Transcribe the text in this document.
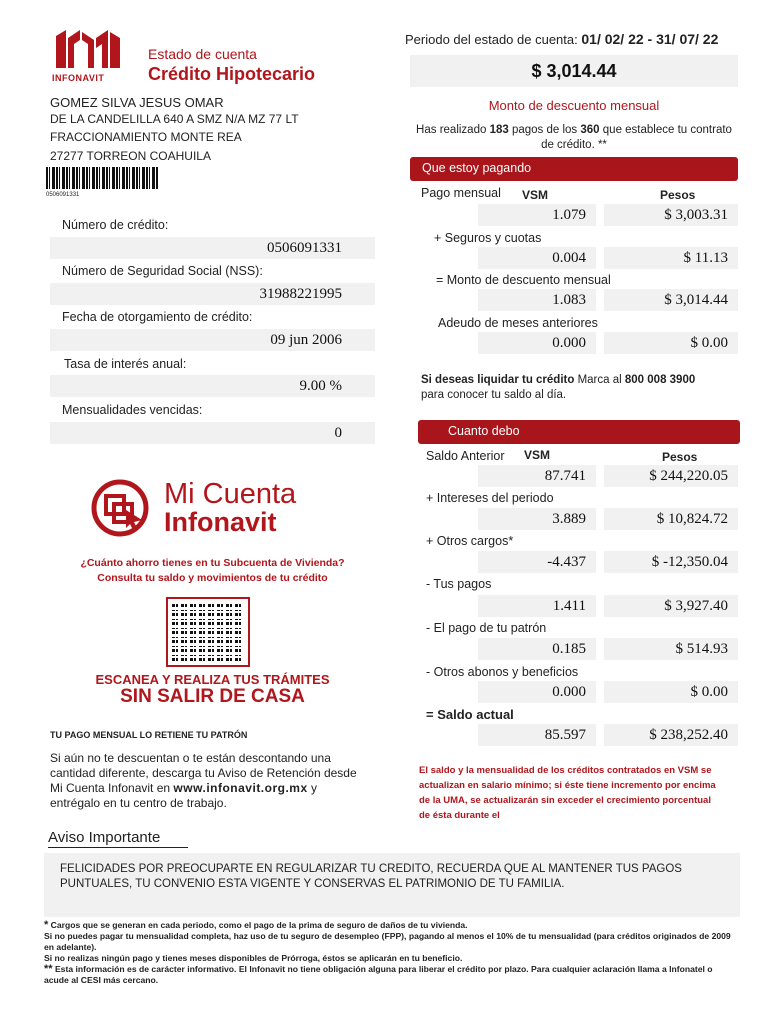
INFONAVIT
Estado de cuenta
Crédito Hipotecario
Periodo del estado de cuenta: 01/ 02/ 22 - 31/ 07/ 22
$ 3,014.44
Monto de descuento mensual
Has realizado 183 pagos de los 360 que establece tu contrato de crédito. **
GOMEZ SILVA JESUS OMAR
DE LA CANDELILLA 640 A SMZ N/A MZ 77 LT
FRACCIONAMIENTO MONTE REA
27277 TORREON COAHUILA
0506091331
Número de crédito:
0506091331
Número de Seguridad Social (NSS):
31988221995
Fecha de otorgamiento de crédito:
09 jun 2006
Tasa de interés anual:
9.00 %
Mensualidades vencidas:
0
Mi Cuenta
Infonavit
¿Cuánto ahorro tienes en tu Subcuenta de Vivienda?
Consulta tu saldo y movimientos de tu crédito
ESCANEA Y REALIZA TUS TRÁMITES
SIN SALIR DE CASA
TU PAGO MENSUAL LO RETIENE TU PATRÓN
Si aún no te descuentan o te están descontando una cantidad diferente, descarga tu Aviso de Retención desde Mi Cuenta Infonavit en www.infonavit.org.mx y entrégalo en tu centro de trabajo.
Que estoy pagando
VSM	Pesos
Pago mensual
1.079	$ 3,003.31
+ Seguros y cuotas
0.004	$ 11.13
= Monto de descuento mensual
1.083	$ 3,014.44
Adeudo de meses anteriores
0.000	$ 0.00
Si deseas liquidar tu crédito Marca al 800 008 3900
para conocer tu saldo al día.
Cuanto debo
VSM	Pesos
Saldo Anterior
87.741	$ 244,220.05
+ Intereses del periodo
3.889	$ 10,824.72
+ Otros cargos*
-4.437	$ -12,350.04
- Tus pagos
1.411	$ 3,927.40
- El pago de tu patrón
0.185	$ 514.93
- Otros abonos y beneficios
0.000	$ 0.00
= Saldo actual
85.597	$ 238,252.40
El saldo y la mensualidad de los créditos contratados en VSM se actualizan en salario mínimo; si éste tiene incremento por encima de la UMA, se actualizarán sin exceder el crecimiento porcentual de ésta durante el
Aviso Importante
FELICIDADES POR PREOCUPARTE EN REGULARIZAR TU CREDITO, RECUERDA QUE AL MANTENER TUS PAGOS PUNTUALES, TU CONVENIO ESTA VIGENTE Y CONSERVAS EL PATRIMONIO DE TU FAMILIA.
* Cargos que se generan en cada periodo, como el pago de la prima de seguro de daños de tu vivienda.
Si no puedes pagar tu mensualidad completa, haz uso de tu seguro de desempleo (FPP), pagando al menos el 10% de tu mensualidad (para créditos originados de 2009 en adelante).
Si no realizas ningún pago y tienes meses disponibles de Prórroga, éstos se aplicarán en tu beneficio.
** Esta información es de carácter informativo. El Infonavit no tiene obligación alguna para liberar el crédito por plazo. Para cualquier aclaración llama a Infonatel o acude al CESI más cercano.
